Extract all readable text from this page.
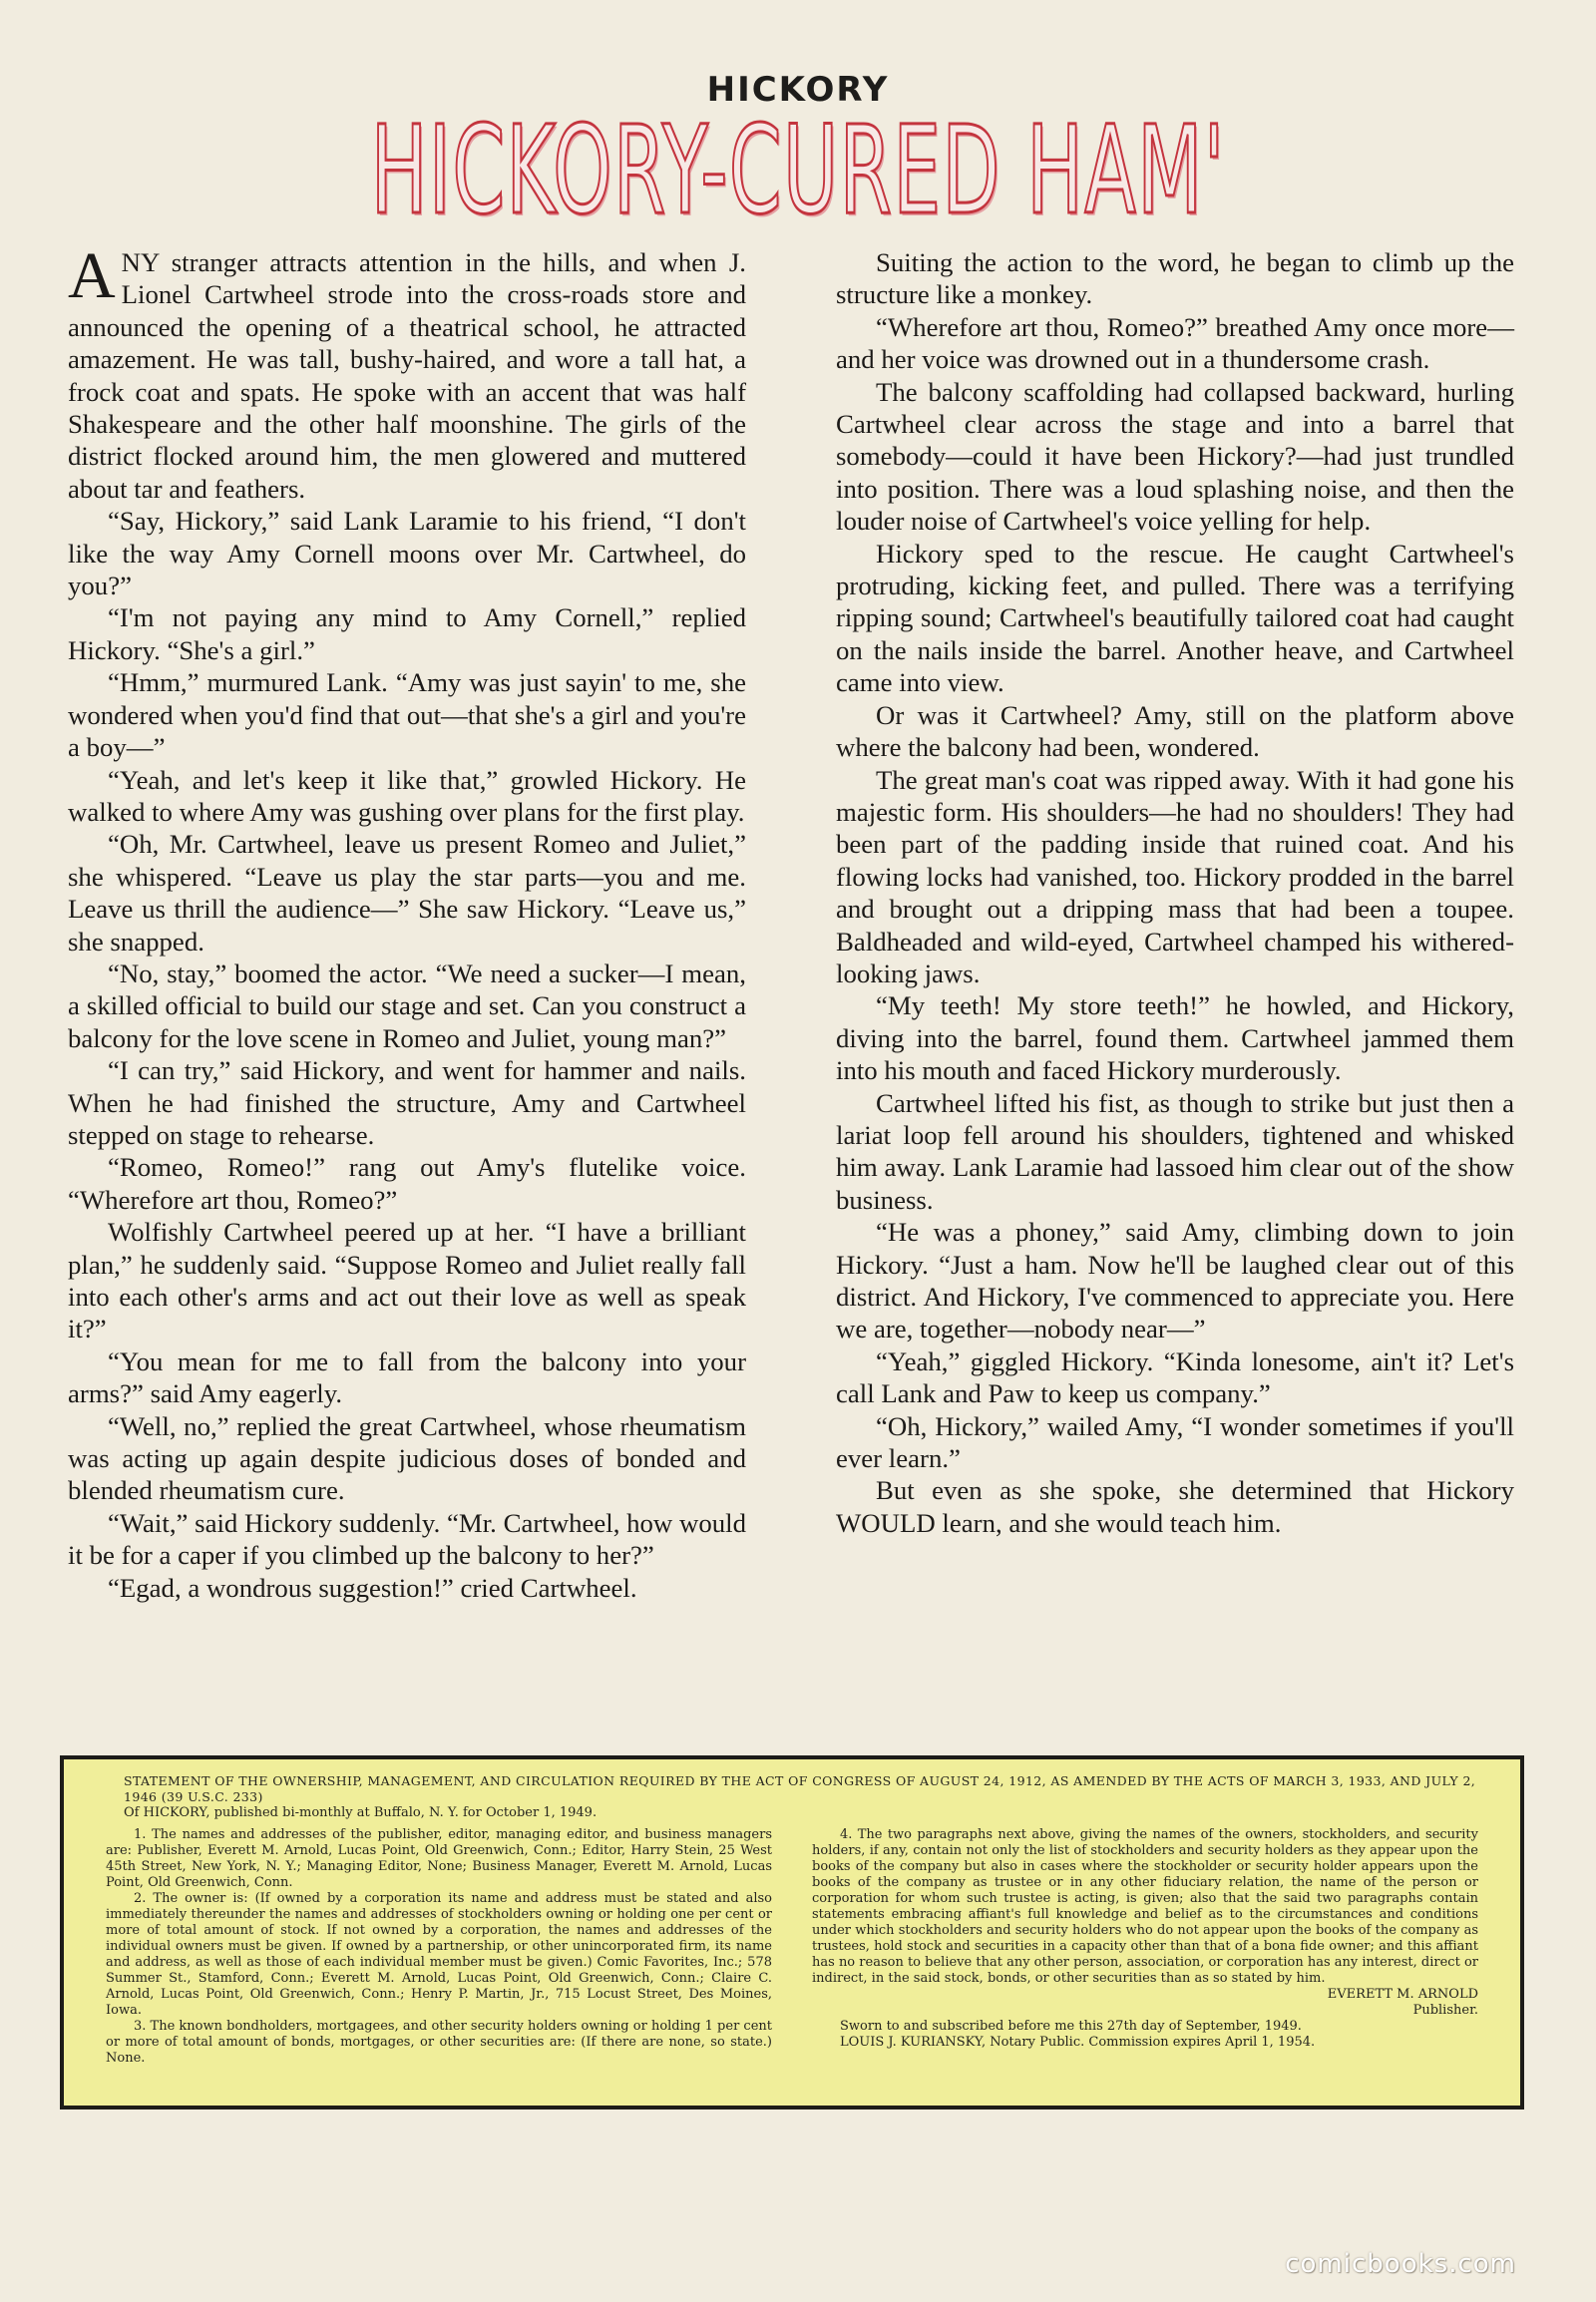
HICKORY
HICKORY-CURED HAM'

ANY stranger attracts attention in the hills, and when J. Lionel Cartwheel strode into the cross-roads store and announced the opening of a theatrical school, he attracted amazement. He was tall, bushy-haired, and wore a tall hat, a frock coat and spats. He spoke with an accent that was half Shakespeare and the other half moonshine. The girls of the district flocked around him, the men glowered and muttered about tar and feathers.

“Say, Hickory,” said Lank Laramie to his friend, “I don't like the way Amy Cornell moons over Mr. Cartwheel, do you?”

“I'm not paying any mind to Amy Cornell,” replied Hickory. “She's a girl.”

“Hmm,” murmured Lank. “Amy was just sayin' to me, she wondered when you'd find that out—that she's a girl and you're a boy—”

“Yeah, and let's keep it like that,” growled Hickory. He walked to where Amy was gushing over plans for the first play.

“Oh, Mr. Cartwheel, leave us present Romeo and Juliet,” she whispered. “Leave us play the star parts—you and me. Leave us thrill the audience—” She saw Hickory. “Leave us,” she snapped.

“No, stay,” boomed the actor. “We need a sucker—I mean, a skilled official to build our stage and set. Can you construct a balcony for the love scene in Romeo and Juliet, young man?”

“I can try,” said Hickory, and went for hammer and nails. When he had finished the structure, Amy and Cartwheel stepped on stage to rehearse.

“Romeo, Romeo!” rang out Amy's flutelike voice. “Wherefore art thou, Romeo?”

Wolfishly Cartwheel peered up at her. “I have a brilliant plan,” he suddenly said. “Suppose Romeo and Juliet really fall into each other's arms and act out their love as well as speak it?”

“You mean for me to fall from the balcony into your arms?” said Amy eagerly.

“Well, no,” replied the great Cartwheel, whose rheumatism was acting up again despite judicious doses of bonded and blended rheumatism cure.

“Wait,” said Hickory suddenly. “Mr. Cartwheel, how would it be for a caper if you climbed up the balcony to her?”

“Egad, a wondrous suggestion!” cried Cartwheel.

Suiting the action to the word, he began to climb up the structure like a monkey.

“Wherefore art thou, Romeo?” breathed Amy once more—and her voice was drowned out in a thundersome crash.

The balcony scaffolding had collapsed backward, hurling Cartwheel clear across the stage and into a barrel that somebody—could it have been Hickory?—had just trundled into position. There was a loud splashing noise, and then the louder noise of Cartwheel's voice yelling for help.

Hickory sped to the rescue. He caught Cartwheel's protruding, kicking feet, and pulled. There was a terrifying ripping sound; Cartwheel's beautifully tailored coat had caught on the nails inside the barrel. Another heave, and Cartwheel came into view.

Or was it Cartwheel? Amy, still on the platform above where the balcony had been, wondered.

The great man's coat was ripped away. With it had gone his majestic form. His shoulders—he had no shoulders! They had been part of the padding inside that ruined coat. And his flowing locks had vanished, too. Hickory prodded in the barrel and brought out a dripping mass that had been a toupee. Baldheaded and wild-eyed, Cartwheel champed his withered-looking jaws.

“My teeth! My store teeth!” he howled, and Hickory, diving into the barrel, found them. Cartwheel jammed them into his mouth and faced Hickory murderously.

Cartwheel lifted his fist, as though to strike but just then a lariat loop fell around his shoulders, tightened and whisked him away. Lank Laramie had lassoed him clear out of the show business.

“He was a phoney,” said Amy, climbing down to join Hickory. “Just a ham. Now he'll be laughed clear out of this district. And Hickory, I've commenced to appreciate you. Here we are, together—nobody near—”

“Yeah,” giggled Hickory. “Kinda lonesome, ain't it? Let's call Lank and Paw to keep us company.”

“Oh, Hickory,” wailed Amy, “I wonder sometimes if you'll ever learn.”

But even as she spoke, she determined that Hickory WOULD learn, and she would teach him.

STATEMENT OF THE OWNERSHIP, MANAGEMENT, AND CIRCULATION REQUIRED BY THE ACT OF CONGRESS OF AUGUST 24, 1912, AS AMENDED BY THE ACTS OF MARCH 3, 1933, AND JULY 2, 1946 (39 U.S.C. 233)

Of HICKORY, published bi-monthly at Buffalo, N. Y. for October 1, 1949.

1. The names and addresses of the publisher, editor, managing editor, and business managers are: Publisher, Everett M. Arnold, Lucas Point, Old Greenwich, Conn.; Editor, Harry Stein, 25 West 45th Street, New York, N. Y.; Managing Editor, None; Business Manager, Everett M. Arnold, Lucas Point, Old Greenwich, Conn.

2. The owner is: (If owned by a corporation its name and address must be stated and also immediately thereunder the names and addresses of stockholders owning or holding one per cent or more of total amount of stock. If not owned by a corporation, the names and addresses of the individual owners must be given. If owned by a partnership, or other unincorporated firm, its name and address, as well as those of each individual member must be given.) Comic Favorites, Inc.; 578 Summer St., Stamford, Conn.; Everett M. Arnold, Lucas Point, Old Greenwich, Conn.; Claire C. Arnold, Lucas Point, Old Greenwich, Conn.; Henry P. Martin, Jr., 715 Locust Street, Des Moines, Iowa.

3. The known bondholders, mortgagees, and other security holders owning or holding 1 per cent or more of total amount of bonds, mortgages, or other securities are: (If there are none, so state.) None.

4. The two paragraphs next above, giving the names of the owners, stockholders, and security holders, if any, contain not only the list of stockholders and security holders as they appear upon the books of the company but also in cases where the stockholder or security holder appears upon the books of the company as trustee or in any other fiduciary relation, the name of the person or corporation for whom such trustee is acting, is given; also that the said two paragraphs contain statements embracing affiant's full knowledge and belief as to the circumstances and conditions under which stockholders and security holders who do not appear upon the books of the company as trustees, hold stock and securities in a capacity other than that of a bona fide owner; and this affiant has no reason to believe that any other person, association, or corporation has any interest, direct or indirect, in the said stock, bonds, or other securities than as so stated by him.

EVERETT M. ARNOLD

Publisher.

Sworn to and subscribed before me this 27th day of September, 1949.

LOUIS J. KURIANSKY, Notary Public. Commission expires April 1, 1954.

comicbooks.com
